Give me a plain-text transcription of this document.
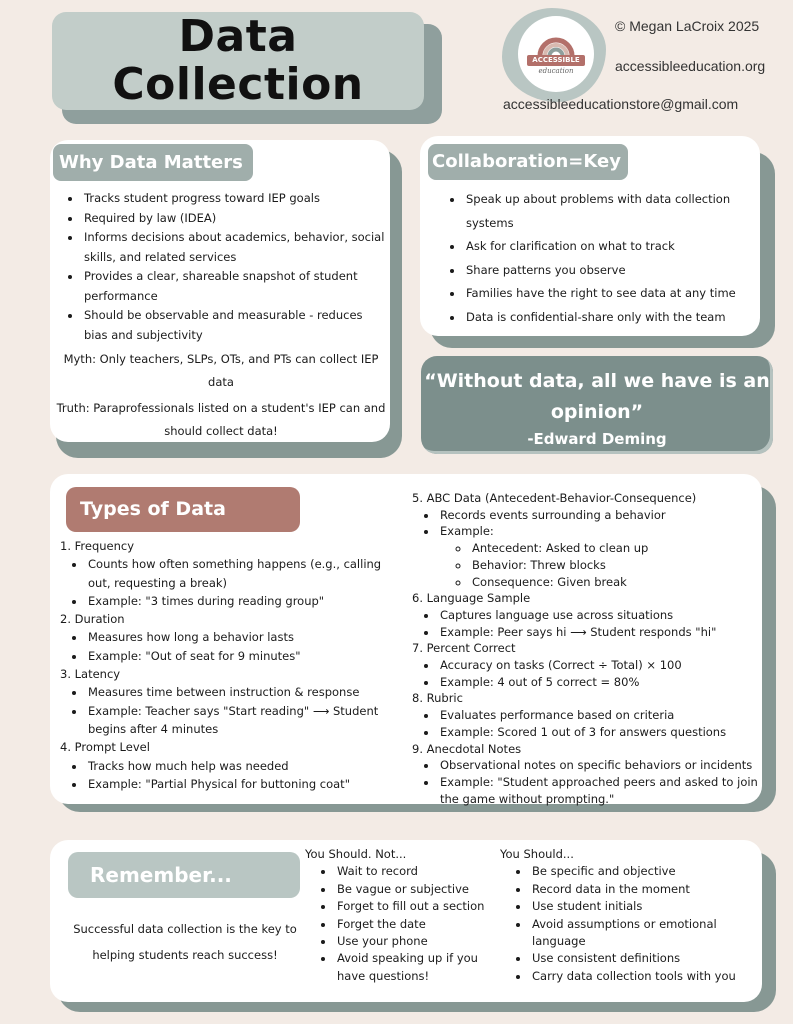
Data
Collection	ACCESSIBLE
education
© Megan LaCroix 2025
accessibleeducation.org
accessibleeducationstore@gmail.com
Why Data Matters
• Tracks student progress toward IEP goals
• Required by law (IDEA)
• Informs decisions about academics, behavior, social skills, and related services
• Provides a clear, shareable snapshot of student performance
• Should be observable and measurable - reduces bias and subjectivity
Myth: Only teachers, SLPs, OTs, and PTs can collect IEP data
Truth: Paraprofessionals listed on a student's IEP can and should collect data!
Collaboration=Key
• Speak up about problems with data collection systems
• Ask for clarification on what to track
• Share patterns you observe
• Families have the right to see data at any time
• Data is confidential-share only with the team
“Without data, all we have is an opinion”
-Edward Deming
Types of Data
1. Frequency
• Counts how often something happens (e.g., calling out, requesting a break)
• Example: "3 times during reading group"
2. Duration
• Measures how long a behavior lasts
• Example: "Out of seat for 9 minutes"
3. Latency
• Measures time between instruction & response
• Example: Teacher says "Start reading" ⟶ Student begins after 4 minutes
4. Prompt Level
• Tracks how much help was needed
• Example: "Partial Physical for buttoning coat"
5. ABC Data (Antecedent-Behavior-Consequence)
• Records events surrounding a behavior
• Example:
◦ Antecedent: Asked to clean up
◦ Behavior: Threw blocks
◦ Consequence: Given break
6. Language Sample
• Captures language use across situations
• Example: Peer says hi ⟶ Student responds "hi"
7. Percent Correct
• Accuracy on tasks (Correct ÷ Total) × 100
• Example: 4 out of 5 correct = 80%
8. Rubric
• Evaluates performance based on criteria
• Example: Scored 1 out of 3 for answers questions
9. Anecdotal Notes
• Observational notes on specific behaviors or incidents
• Example: "Student approached peers and asked to join the game without prompting."
Remember...
Successful data collection is the key to helping students reach success!
You Should. Not...
• Wait to record
• Be vague or subjective
• Forget to fill out a section
• Forget the date
• Use your phone
• Avoid speaking up if you have questions!
You Should...
• Be specific and objective
• Record data in the moment
• Use student initials
• Avoid assumptions or emotional language
• Use consistent definitions
• Carry data collection tools with you
